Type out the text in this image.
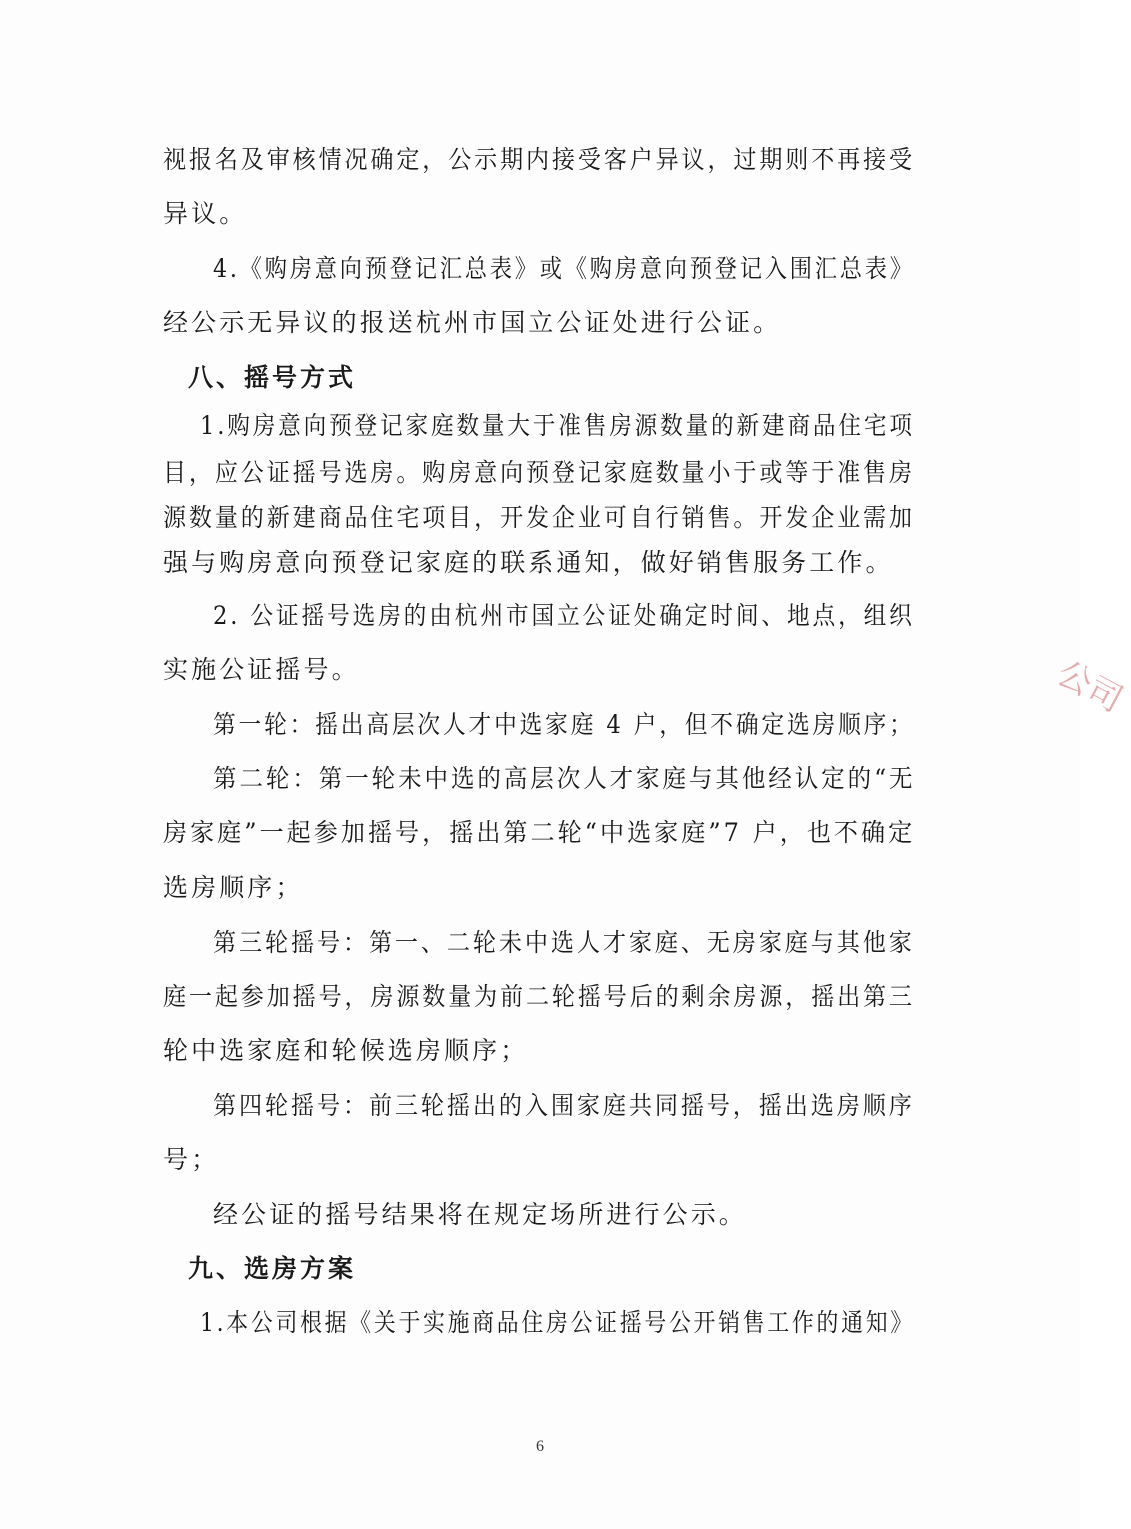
视报名及审核情况确定，公示期内接受客户异议，过期则不再接受
异议。
4.《购房意向预登记汇总表》或《购房意向预登记入围汇总表》
经公示无异议的报送杭州市国立公证处进行公证。
八、摇号方式
1.购房意向预登记家庭数量大于准售房源数量的新建商品住宅项
目，应公证摇号选房。购房意向预登记家庭数量小于或等于准售房
源数量的新建商品住宅项目，开发企业可自行销售。开发企业需加
强与购房意向预登记家庭的联系通知，做好销售服务工作。
2. 公证摇号选房的由杭州市国立公证处确定时间、地点，组织
实施公证摇号。
第一轮：摇出高层次人才中选家庭 4 户，但不确定选房顺序；
第二轮：第一轮未中选的高层次人才家庭与其他经认定的“无
房家庭”一起参加摇号，摇出第二轮“中选家庭”7 户，也不确定
选房顺序；
第三轮摇号：第一、二轮未中选人才家庭、无房家庭与其他家
庭一起参加摇号，房源数量为前二轮摇号后的剩余房源，摇出第三
轮中选家庭和轮候选房顺序；
第四轮摇号：前三轮摇出的入围家庭共同摇号，摇出选房顺序
号；
经公证的摇号结果将在规定场所进行公示。
九、选房方案
1.本公司根据《关于实施商品住房公证摇号公开销售工作的通知》
公司
6
